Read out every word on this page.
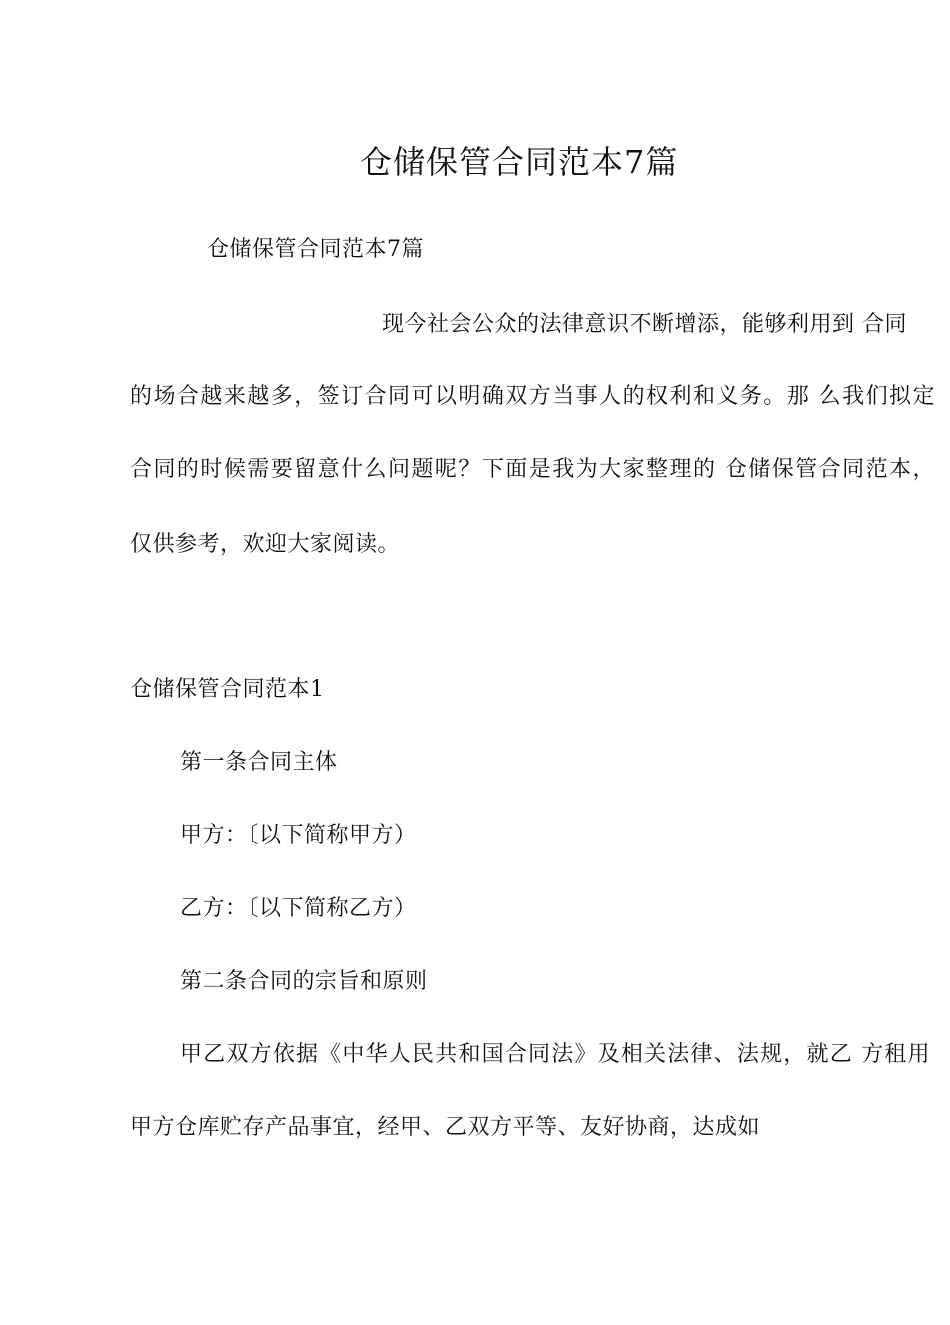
仓储保管合同范本7篇
仓储保管合同范本7篇
现今社会公众的法律意识不断增添，能够利用到 合同
的场合越来越多，签订合同可以明确双方当事人的权利和义务。那 么我们拟定
合同的时候需要留意什么问题呢？下面是我为大家整理的 仓储保管合同范本，
仅供参考，欢迎大家阅读。
仓储保管合同范本1
第一条合同主体
甲方：〔以下简称甲方）
乙方：〔以下简称乙方）
第二条合同的宗旨和原则
甲乙双方依据《中华人民共和国合同法》及相关法律、法规，就乙 方租用
甲方仓库贮存产品事宜，经甲、乙双方平等、友好协商，达成如
